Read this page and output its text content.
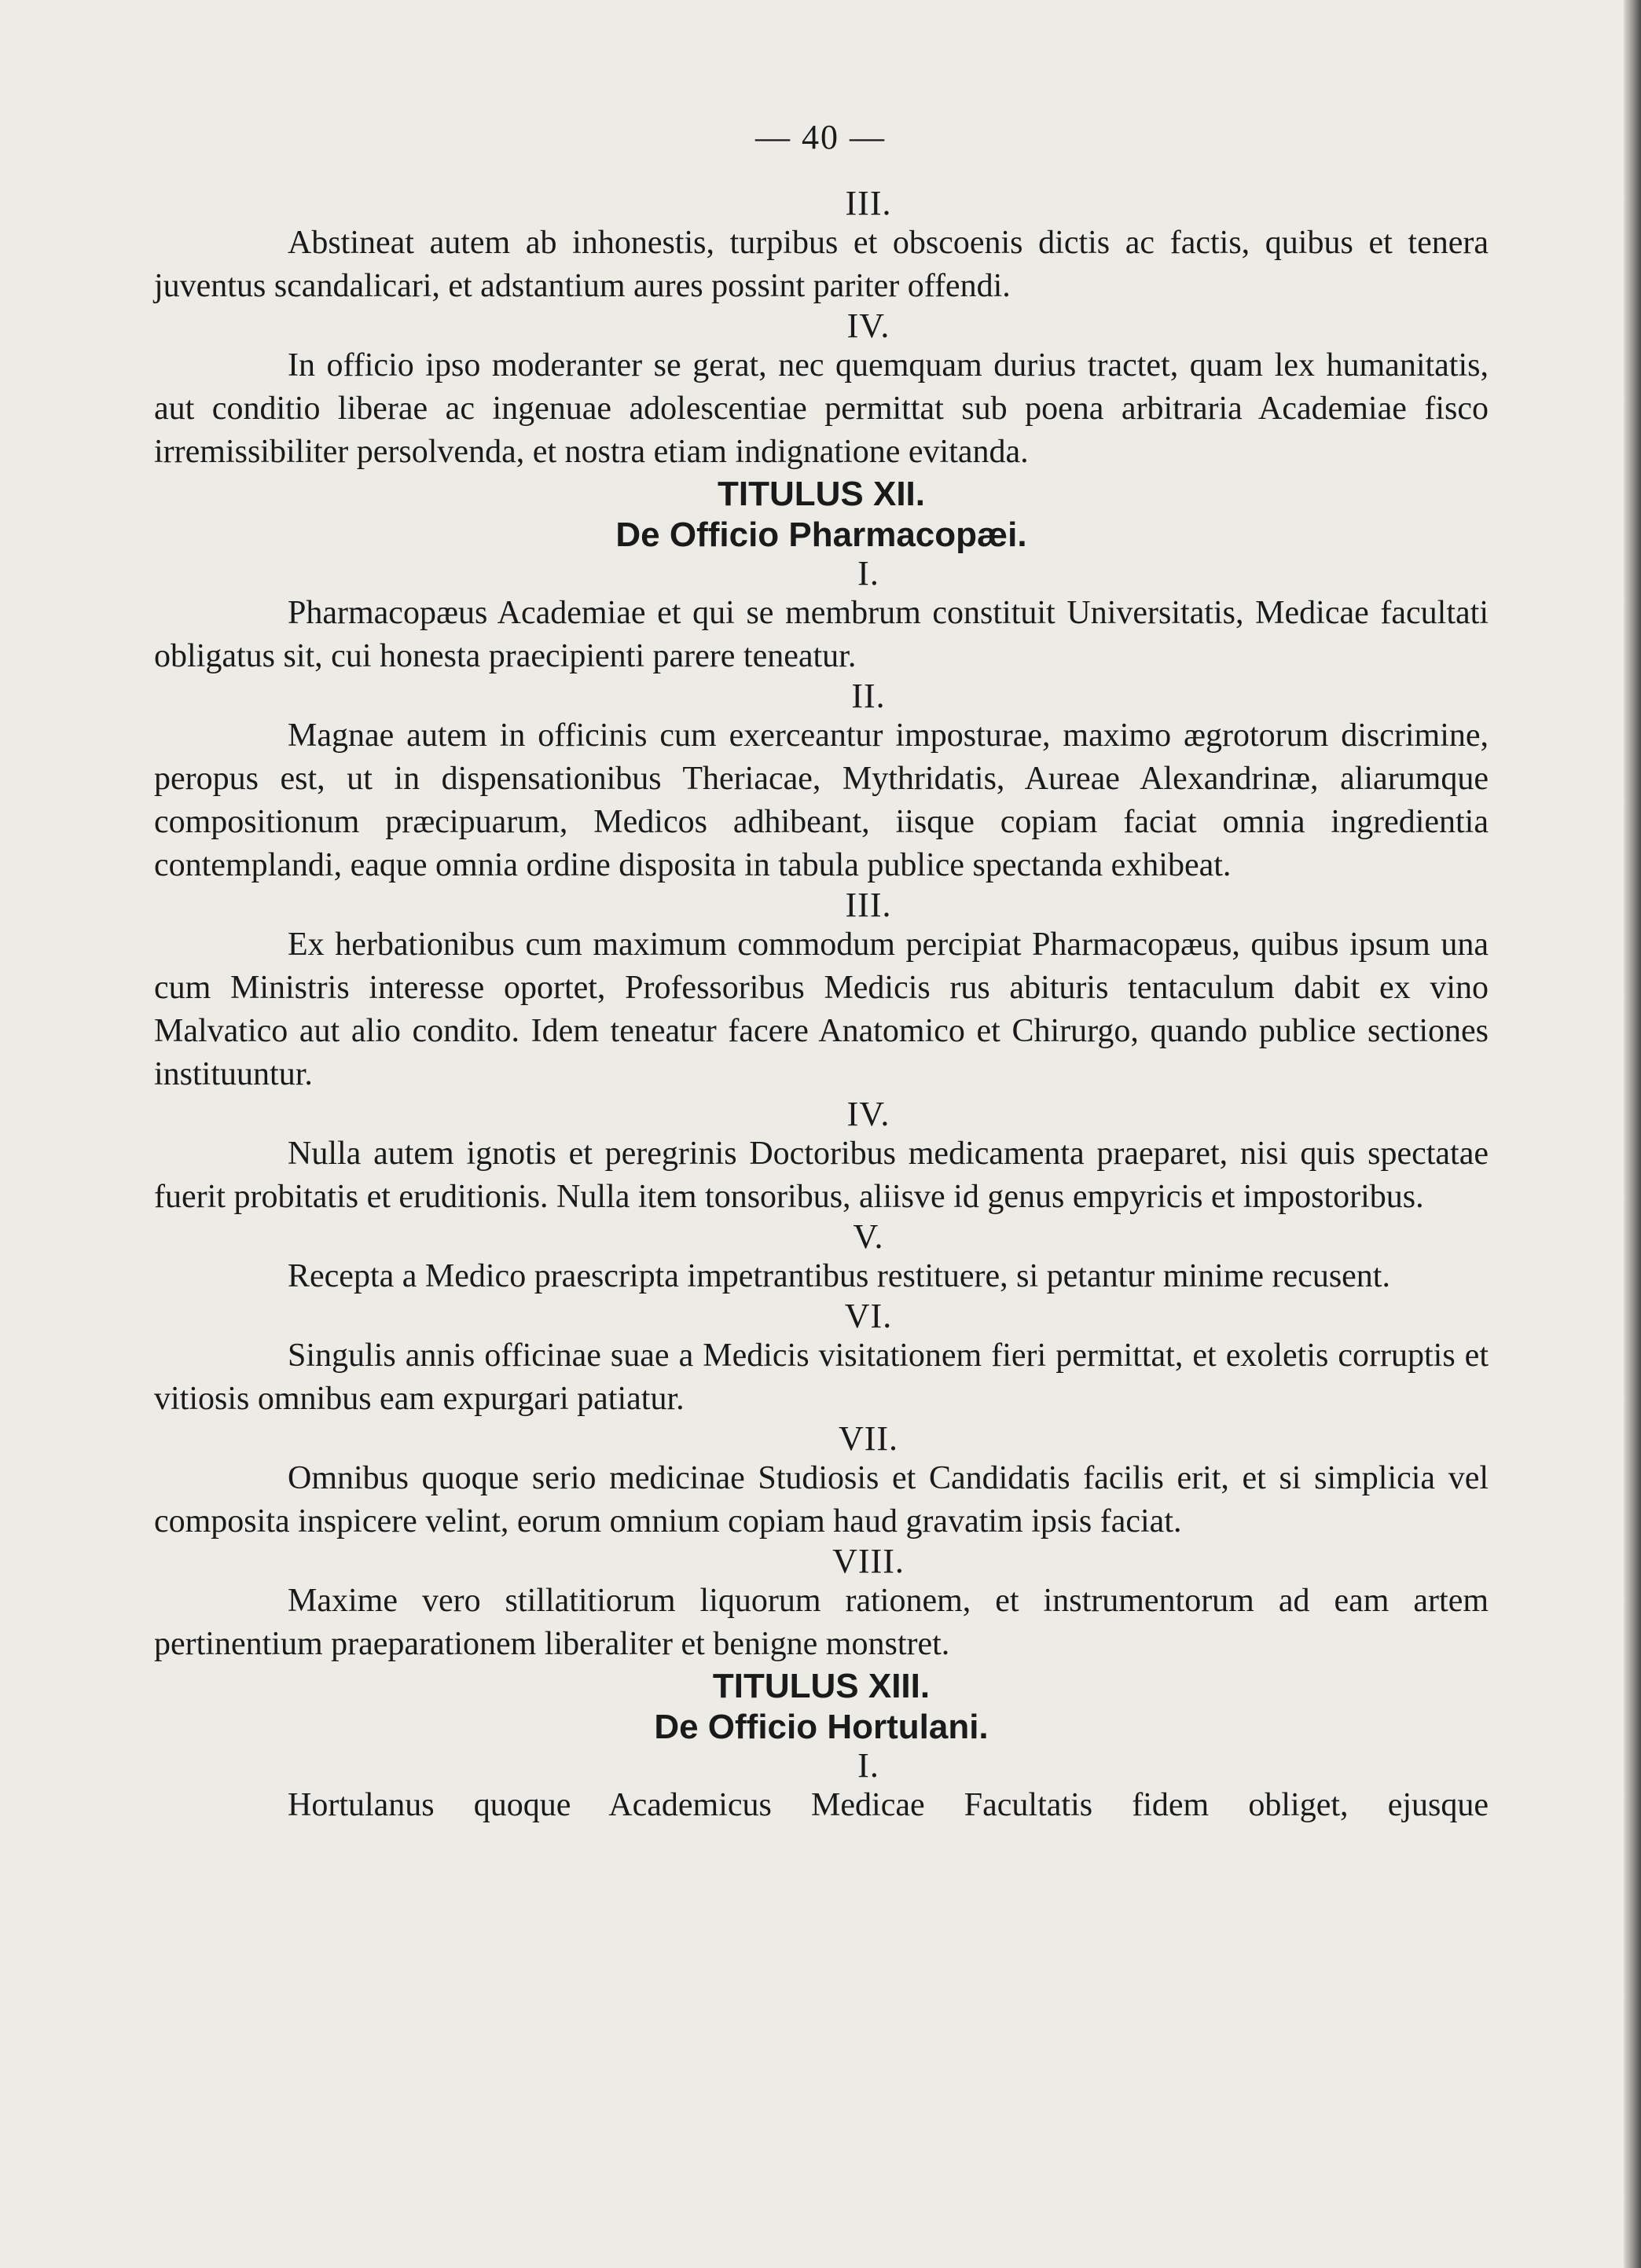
— 40 —
III.

Abstineat autem ab inhonestis, turpibus et obscoenis dictis ac factis, quibus et tenera juventus scandalicari, et adstantium aures possint pariter offendi.

IV.

In officio ipso moderanter se gerat, nec quemquam durius tractet, quam lex humanitatis, aut conditio liberae ac ingenuae adolescentiae permittat sub poena arbitraria Academiae fisco irremissibiliter persolvenda, et nostra etiam indignatione evitanda.

TITULUS XII.
De Officio Pharmacopæi.
I.

Pharmacopæus Academiae et qui se membrum constituit Universitatis, Medicae facultati obligatus sit, cui honesta praecipienti parere teneatur.

II.

Magnae autem in officinis cum exerceantur imposturae, maximo ægrotorum discrimine, peropus est, ut in dispensationibus Theriacae, Mythridatis, Aureae Alexandrinæ, aliarumque compositionum præcipuarum, Medicos adhibeant, iisque copiam faciat omnia ingredientia contemplandi, eaque omnia ordine disposita in tabula publice spectanda exhibeat.

III.

Ex herbationibus cum maximum commodum percipiat Pharmacopæus, quibus ipsum una cum Ministris interesse oportet, Professoribus Medicis rus abituris tentaculum dabit ex vino Malvatico aut alio condito. Idem teneatur facere Anatomico et Chirurgo, quando publice sectiones instituuntur.

IV.

Nulla autem ignotis et peregrinis Doctoribus medicamenta praeparet, nisi quis spectatae fuerit probitatis et eruditionis. Nulla item tonsoribus, aliisve id genus empyricis et impostoribus.

V.

Recepta a Medico praescripta impetrantibus restituere, si petantur minime recusent.

VI.

Singulis annis officinae suae a Medicis visitationem fieri permittat, et exoletis corruptis et vitiosis omnibus eam expurgari patiatur.

VII.

Omnibus quoque serio medicinae Studiosis et Candidatis facilis erit, et si simplicia vel composita inspicere velint, eorum omnium copiam haud gravatim ipsis faciat.

VIII.

Maxime vero stillatitiorum liquorum rationem, et instrumentorum ad eam artem pertinentium praeparationem liberaliter et benigne monstret.

TITULUS XIII.
De Officio Hortulani.
I.

Hortulanus quoque Academicus Medicae Facultatis fidem obliget, ejusque
